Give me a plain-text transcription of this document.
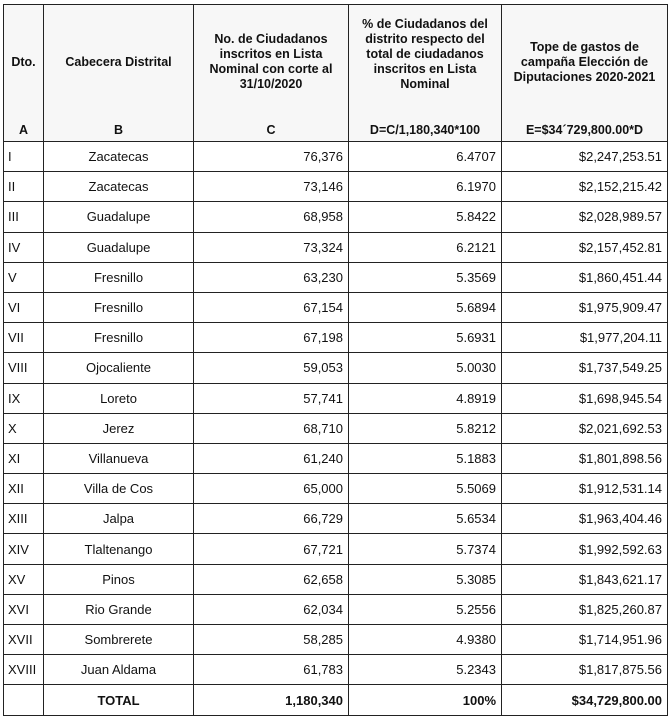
Dto.	Cabecera Distrital	No. de Ciudadanos inscritos en Lista Nominal con corte al 31/10/2020	% de Ciudadanos del distrito respecto del total de ciudadanos inscritos en Lista Nominal	Tope de gastos de campaña Elección de Diputaciones 2020-2021
A	B	C	D=C/1,180,340*100	E=$34´729,800.00*D
I	Zacatecas	76,376	6.4707	$2,247,253.51
II	Zacatecas	73,146	6.1970	$2,152,215.42
III	Guadalupe	68,958	5.8422	$2,028,989.57
IV	Guadalupe	73,324	6.2121	$2,157,452.81
V	Fresnillo	63,230	5.3569	$1,860,451.44
VI	Fresnillo	67,154	5.6894	$1,975,909.47
VII	Fresnillo	67,198	5.6931	$1,977,204.11
VIII	Ojocaliente	59,053	5.0030	$1,737,549.25
IX	Loreto	57,741	4.8919	$1,698,945.54
X	Jerez	68,710	5.8212	$2,021,692.53
XI	Villanueva	61,240	5.1883	$1,801,898.56
XII	Villa de Cos	65,000	5.5069	$1,912,531.14
XIII	Jalpa	66,729	5.6534	$1,963,404.46
XIV	Tlaltenango	67,721	5.7374	$1,992,592.63
XV	Pinos	62,658	5.3085	$1,843,621.17
XVI	Rio Grande	62,034	5.2556	$1,825,260.87
XVII	Sombrerete	58,285	4.9380	$1,714,951.96
XVIII	Juan Aldama	61,783	5.2343	$1,817,875.56
	TOTAL	1,180,340	100%	$34,729,800.00
